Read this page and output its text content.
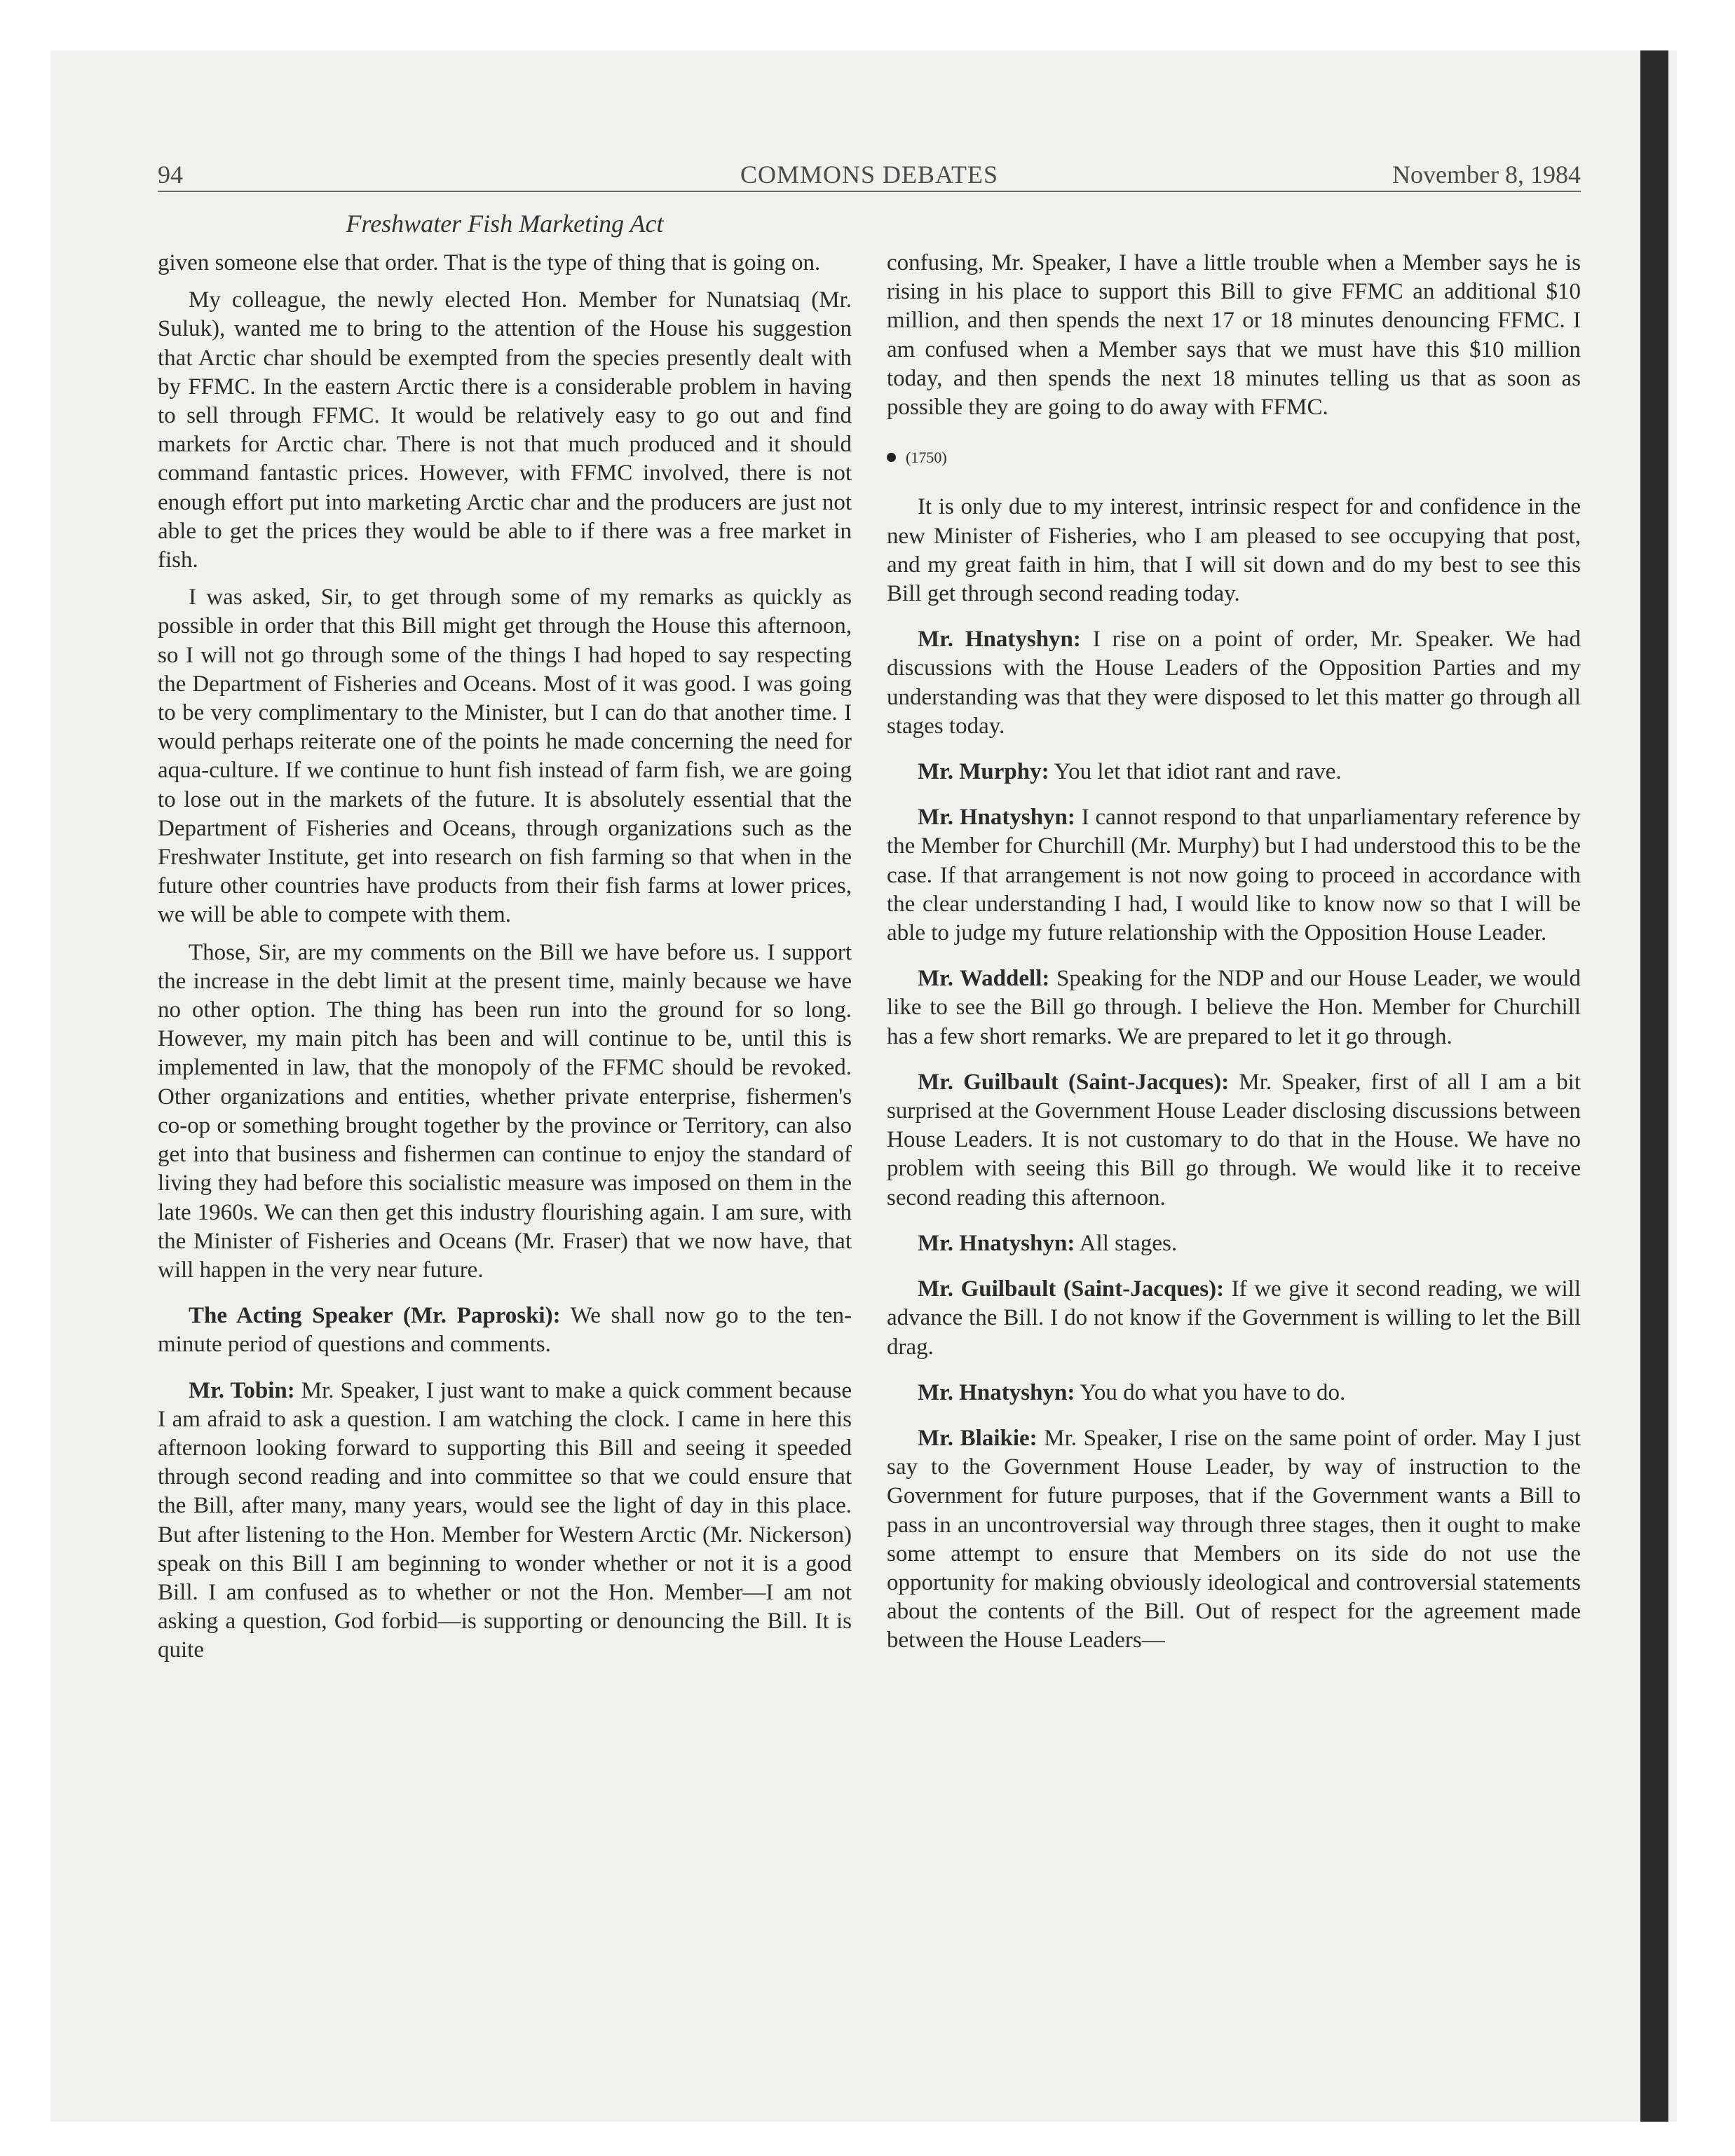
94	COMMONS DEBATES	November 8, 1984
Freshwater Fish Marketing Act

given someone else that order. That is the type of thing that is going on.

My colleague, the newly elected Hon. Member for Nunatsiaq (Mr. Suluk), wanted me to bring to the attention of the House his suggestion that Arctic char should be exempted from the species presently dealt with by FFMC. In the eastern Arctic there is a considerable problem in having to sell through FFMC. It would be relatively easy to go out and find markets for Arctic char. There is not that much produced and it should command fantastic prices. However, with FFMC involved, there is not enough effort put into marketing Arctic char and the producers are just not able to get the prices they would be able to if there was a free market in fish.

I was asked, Sir, to get through some of my remarks as quickly as possible in order that this Bill might get through the House this afternoon, so I will not go through some of the things I had hoped to say respecting the Department of Fisheries and Oceans. Most of it was good. I was going to be very complimentary to the Minister, but I can do that another time. I would perhaps reiterate one of the points he made concerning the need for aqua-culture. If we continue to hunt fish instead of farm fish, we are going to lose out in the markets of the future. It is absolutely essential that the Department of Fisheries and Oceans, through organizations such as the Freshwater Institute, get into research on fish farming so that when in the future other countries have products from their fish farms at lower prices, we will be able to compete with them.

Those, Sir, are my comments on the Bill we have before us. I support the increase in the debt limit at the present time, mainly because we have no other option. The thing has been run into the ground for so long. However, my main pitch has been and will continue to be, until this is implemented in law, that the monopoly of the FFMC should be revoked. Other organizations and entities, whether private enterprise, fishermen's co-op or something brought together by the province or Territory, can also get into that business and fishermen can continue to enjoy the standard of living they had before this socialistic measure was imposed on them in the late 1960s. We can then get this industry flourishing again. I am sure, with the Minister of Fisheries and Oceans (Mr. Fraser) that we now have, that will happen in the very near future.

The Acting Speaker (Mr. Paproski): We shall now go to the ten-minute period of questions and comments.

Mr. Tobin: Mr. Speaker, I just want to make a quick comment because I am afraid to ask a question. I am watching the clock. I came in here this afternoon looking forward to supporting this Bill and seeing it speeded through second reading and into committee so that we could ensure that the Bill, after many, many years, would see the light of day in this place. But after listening to the Hon. Member for Western Arctic (Mr. Nickerson) speak on this Bill I am beginning to wonder whether or not it is a good Bill. I am confused as to whether or not the Hon. Member—I am not asking a question, God forbid—is supporting or denouncing the Bill. It is quite

confusing, Mr. Speaker, I have a little trouble when a Member says he is rising in his place to support this Bill to give FFMC an additional $10 million, and then spends the next 17 or 18 minutes denouncing FFMC. I am confused when a Member says that we must have this $10 million today, and then spends the next 18 minutes telling us that as soon as possible they are going to do away with FFMC.

(1750)

It is only due to my interest, intrinsic respect for and confidence in the new Minister of Fisheries, who I am pleased to see occupying that post, and my great faith in him, that I will sit down and do my best to see this Bill get through second reading today.

Mr. Hnatyshyn: I rise on a point of order, Mr. Speaker. We had discussions with the House Leaders of the Opposition Parties and my understanding was that they were disposed to let this matter go through all stages today.

Mr. Murphy: You let that idiot rant and rave.

Mr. Hnatyshyn: I cannot respond to that unparliamentary reference by the Member for Churchill (Mr. Murphy) but I had understood this to be the case. If that arrangement is not now going to proceed in accordance with the clear understanding I had, I would like to know now so that I will be able to judge my future relationship with the Opposition House Leader.

Mr. Waddell: Speaking for the NDP and our House Leader, we would like to see the Bill go through. I believe the Hon. Member for Churchill has a few short remarks. We are prepared to let it go through.

Mr. Guilbault (Saint-Jacques): Mr. Speaker, first of all I am a bit surprised at the Government House Leader disclosing discussions between House Leaders. It is not customary to do that in the House. We have no problem with seeing this Bill go through. We would like it to receive second reading this afternoon.

Mr. Hnatyshyn: All stages.

Mr. Guilbault (Saint-Jacques): If we give it second reading, we will advance the Bill. I do not know if the Government is willing to let the Bill drag.

Mr. Hnatyshyn: You do what you have to do.

Mr. Blaikie: Mr. Speaker, I rise on the same point of order. May I just say to the Government House Leader, by way of instruction to the Government for future purposes, that if the Government wants a Bill to pass in an uncontroversial way through three stages, then it ought to make some attempt to ensure that Members on its side do not use the opportunity for making obviously ideological and controversial statements about the contents of the Bill. Out of respect for the agreement made between the House Leaders—
